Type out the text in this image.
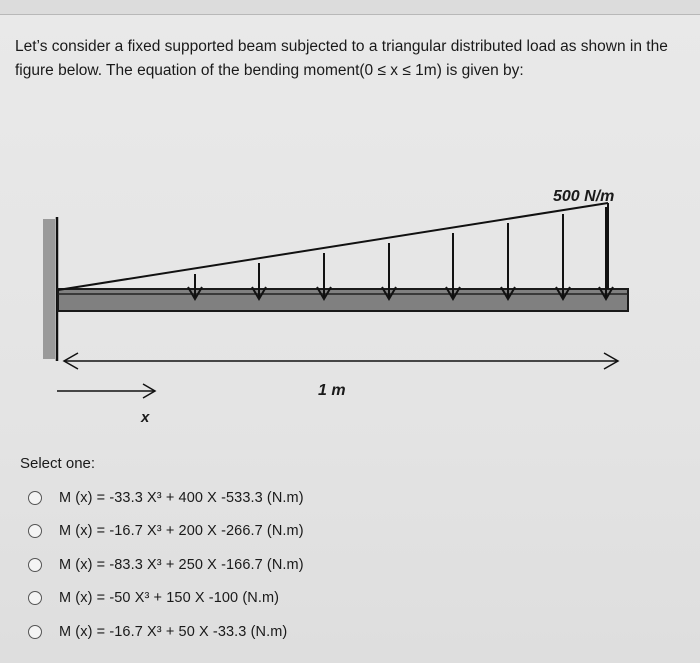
Let’s consider a fixed supported beam subjected to a triangular distributed load as shown in the figure below. The equation of the bending moment(0 ≤ x ≤ 1m) is given by:

500 N/m
1 m
x
Select one:
M (x) = -33.3 X³ + 400 X -533.3 (N.m)
M (x) = -16.7 X³ + 200 X -266.7 (N.m)
M (x) = -83.3 X³ + 250 X -166.7 (N.m)
M (x) = -50 X³ + 150 X -100 (N.m)
M (x) = -16.7 X³ + 50 X -33.3 (N.m)
